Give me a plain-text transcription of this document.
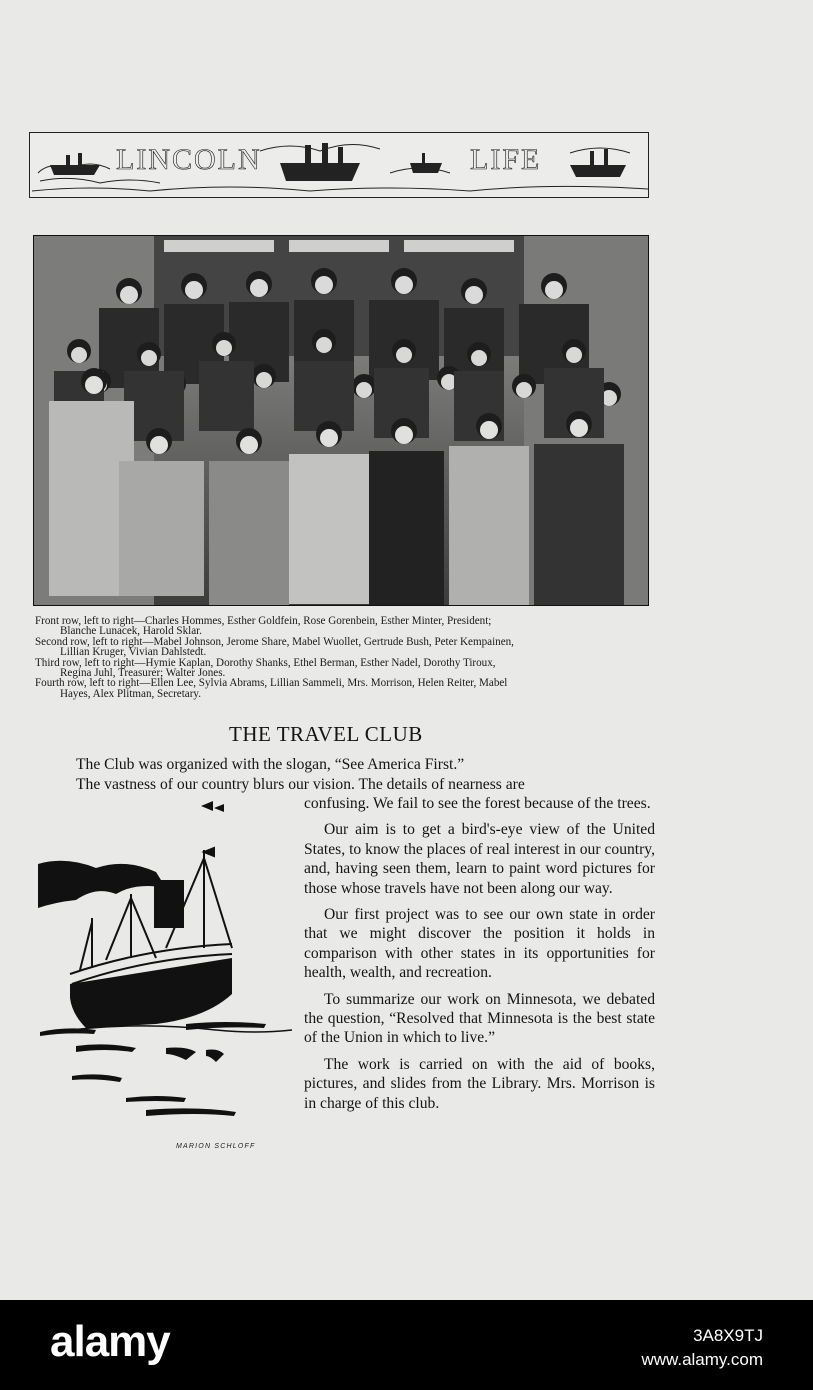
LINCOLN	LIFE

Front row, left to right—Charles Hommes, Esther Goldfein, Rose Gorenbein, Esther Minter, President;
Blanche Lunacek, Harold Sklar.

Second row, left to right—Mabel Johnson, Jerome Share, Mabel Wuollet, Gertrude Bush, Peter Kempainen,
Lillian Kruger, Vivian Dahlstedt.

Third row, left to right—Hymie Kaplan, Dorothy Shanks, Ethel Berman, Esther Nadel, Dorothy Tiroux,
Regina Juhl, Treasurer; Walter Jones.

Fourth row, left to right—Ellen Lee, Sylvia Abrams, Lillian Sammeli, Mrs. Morrison, Helen Reiter, Mabel
Hayes, Alex Plitman, Secretary.

THE TRAVEL CLUB
The Club was organized with the slogan, “See America First.”
The vastness of our country blurs our vision. The details of nearness are

confusing. We fail to see the forest because of the trees.

Our aim is to get a bird's-eye view of the United States, to know the places of real interest in our country, and, having seen them, learn to paint word pictures for those whose travels have not been along our way.

Our first project was to see our own state in order that we might discover the position it holds in comparison with other states in its opportunities for health, wealth, and recreation.

To summarize our work on Minnesota, we debated the question, “Resolved that Minnesota is the best state of the Union in which to live.”

The work is carried on with the aid of books, pictures, and slides from the Library. Mrs. Morrison is in charge of this club.

MARION SCHLOFF
alamy	3A8X9TJ
www.alamy.com
